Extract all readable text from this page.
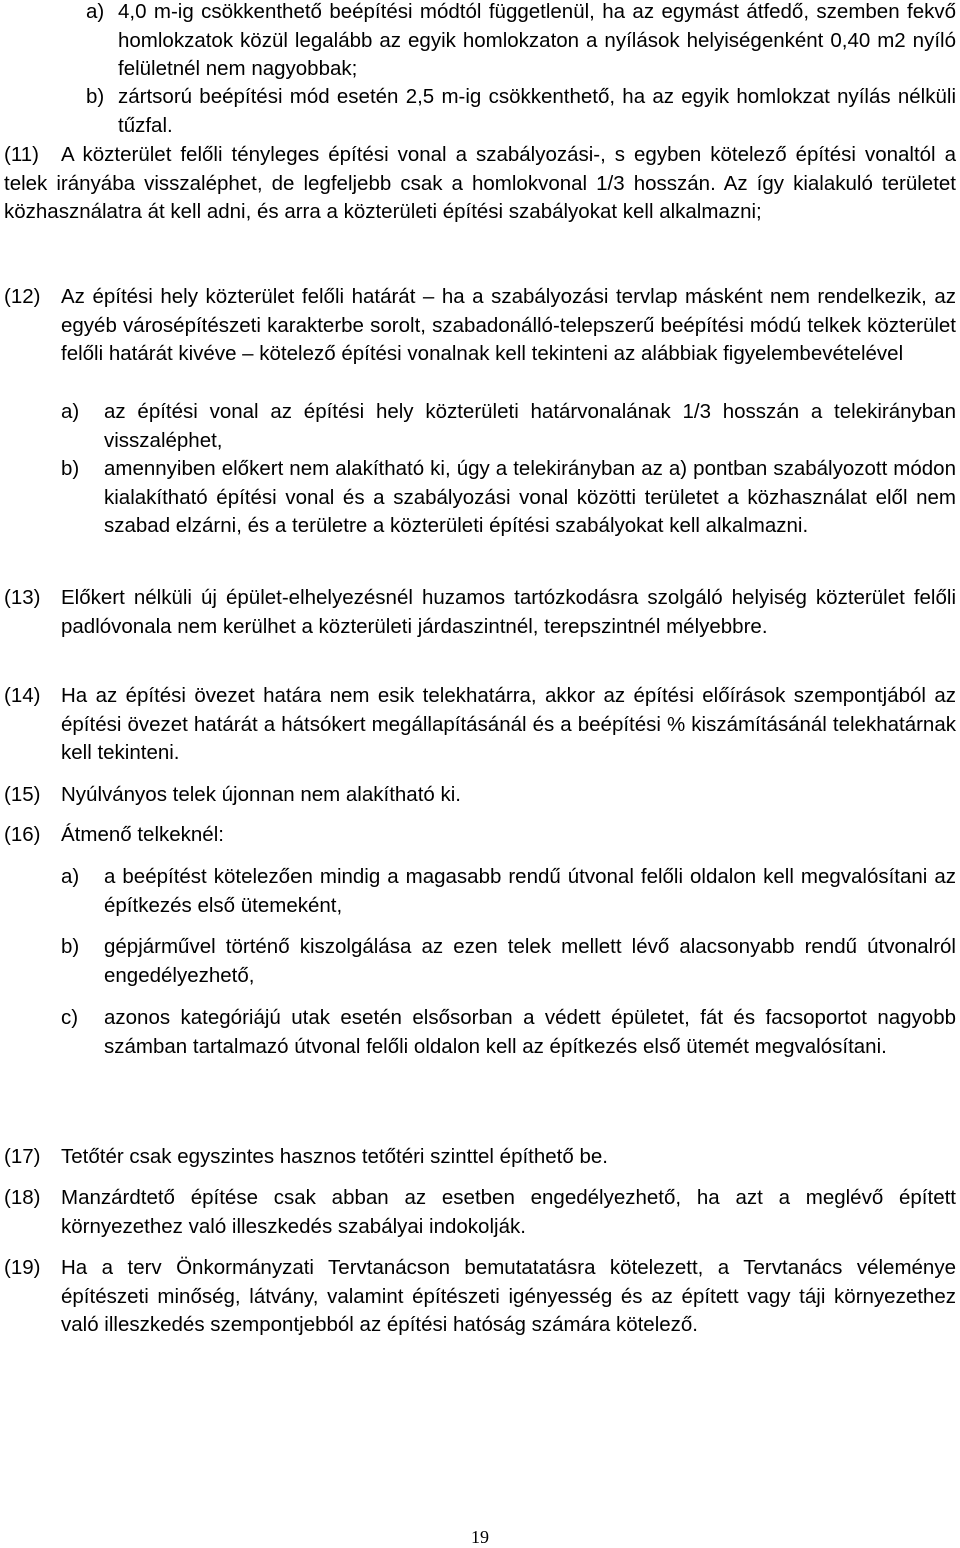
a) 4,0 m-ig csökkenthető beépítési módtól függetlenül, ha az egymást átfedő, szemben fekvő homlokzatok közül legalább az egyik homlokzaton a nyílások helyiségenként 0,40 m2 nyíló felületnél nem nagyobbak;
b) zártsorú beépítési mód esetén 2,5 m-ig csökkenthető, ha az egyik homlokzat nyílás nélküli tűzfal.
(11)	A közterület felőli tényleges építési vonal a szabályozási-, s egyben kötelező építési vonaltól a telek irányába visszaléphet, de legfeljebb csak a homlokvonal 1/3 hosszán. Az így kialakuló területet közhasználatra át kell adni, és arra a közterületi építési szabályokat kell alkalmazni;
(12) Az építési hely közterület felőli határát – ha a szabályozási tervlap másként nem rendelkezik, az egyéb városépítészeti karakterbe sorolt, szabadonálló-telepszerű beépítési módú telkek közterület felőli határát kivéve – kötelező építési vonalnak kell tekinteni az alábbiak figyelembevételével
a) az építési vonal az építési hely közterületi határvonalának 1/3 hosszán a telekirányban visszaléphet,
b) amennyiben előkert nem alakítható ki, úgy a telekirányban az a) pontban szabályozott módon kialakítható építési vonal és a szabályozási vonal közötti területet a közhasználat elől nem szabad elzárni, és a területre a közterületi építési szabályokat kell alkalmazni.
(13) Előkert nélküli új épület-elhelyezésnél huzamos tartózkodásra szolgáló helyiség közterület felőli padlóvonala nem kerülhet a közterületi járdaszintnél, terepszintnél mélyebbre.
(14) Ha az építési övezet határa nem esik telekhatárra, akkor az építési előírások szempontjából az építési övezet határát a hátsókert megállapításánál és a beépítési % kiszámításánál telekhatárnak kell tekinteni.
(15) Nyúlványos telek újonnan nem alakítható ki.
(16) Átmenő telkeknél:
a) a beépítést kötelezően mindig a magasabb rendű útvonal felőli oldalon kell megvalósítani az építkezés első ütemeként,
b) gépjárművel történő kiszolgálása az ezen telek mellett lévő alacsonyabb rendű útvonalról engedélyezhető,
c) azonos kategóriájú utak esetén elsősorban a védett épületet, fát és facsoportot nagyobb számban tartalmazó útvonal felőli oldalon kell az építkezés első ütemét megvalósítani.
(17) Tetőtér csak egyszintes hasznos tetőtéri szinttel építhető be.
(18) Manzárdtető építése csak abban az esetben engedélyezhető, ha azt a meglévő épített környezethez való illeszkedés szabályai indokolják.
(19) Ha a terv Önkormányzati Tervtanácson bemutatatásra kötelezett, a Tervtanács véleménye építészeti minőség, látvány, valamint építészeti igényesség és az épített vagy táji környezethez való illeszkedés szempontjebból az építési hatóság számára kötelező.
19
